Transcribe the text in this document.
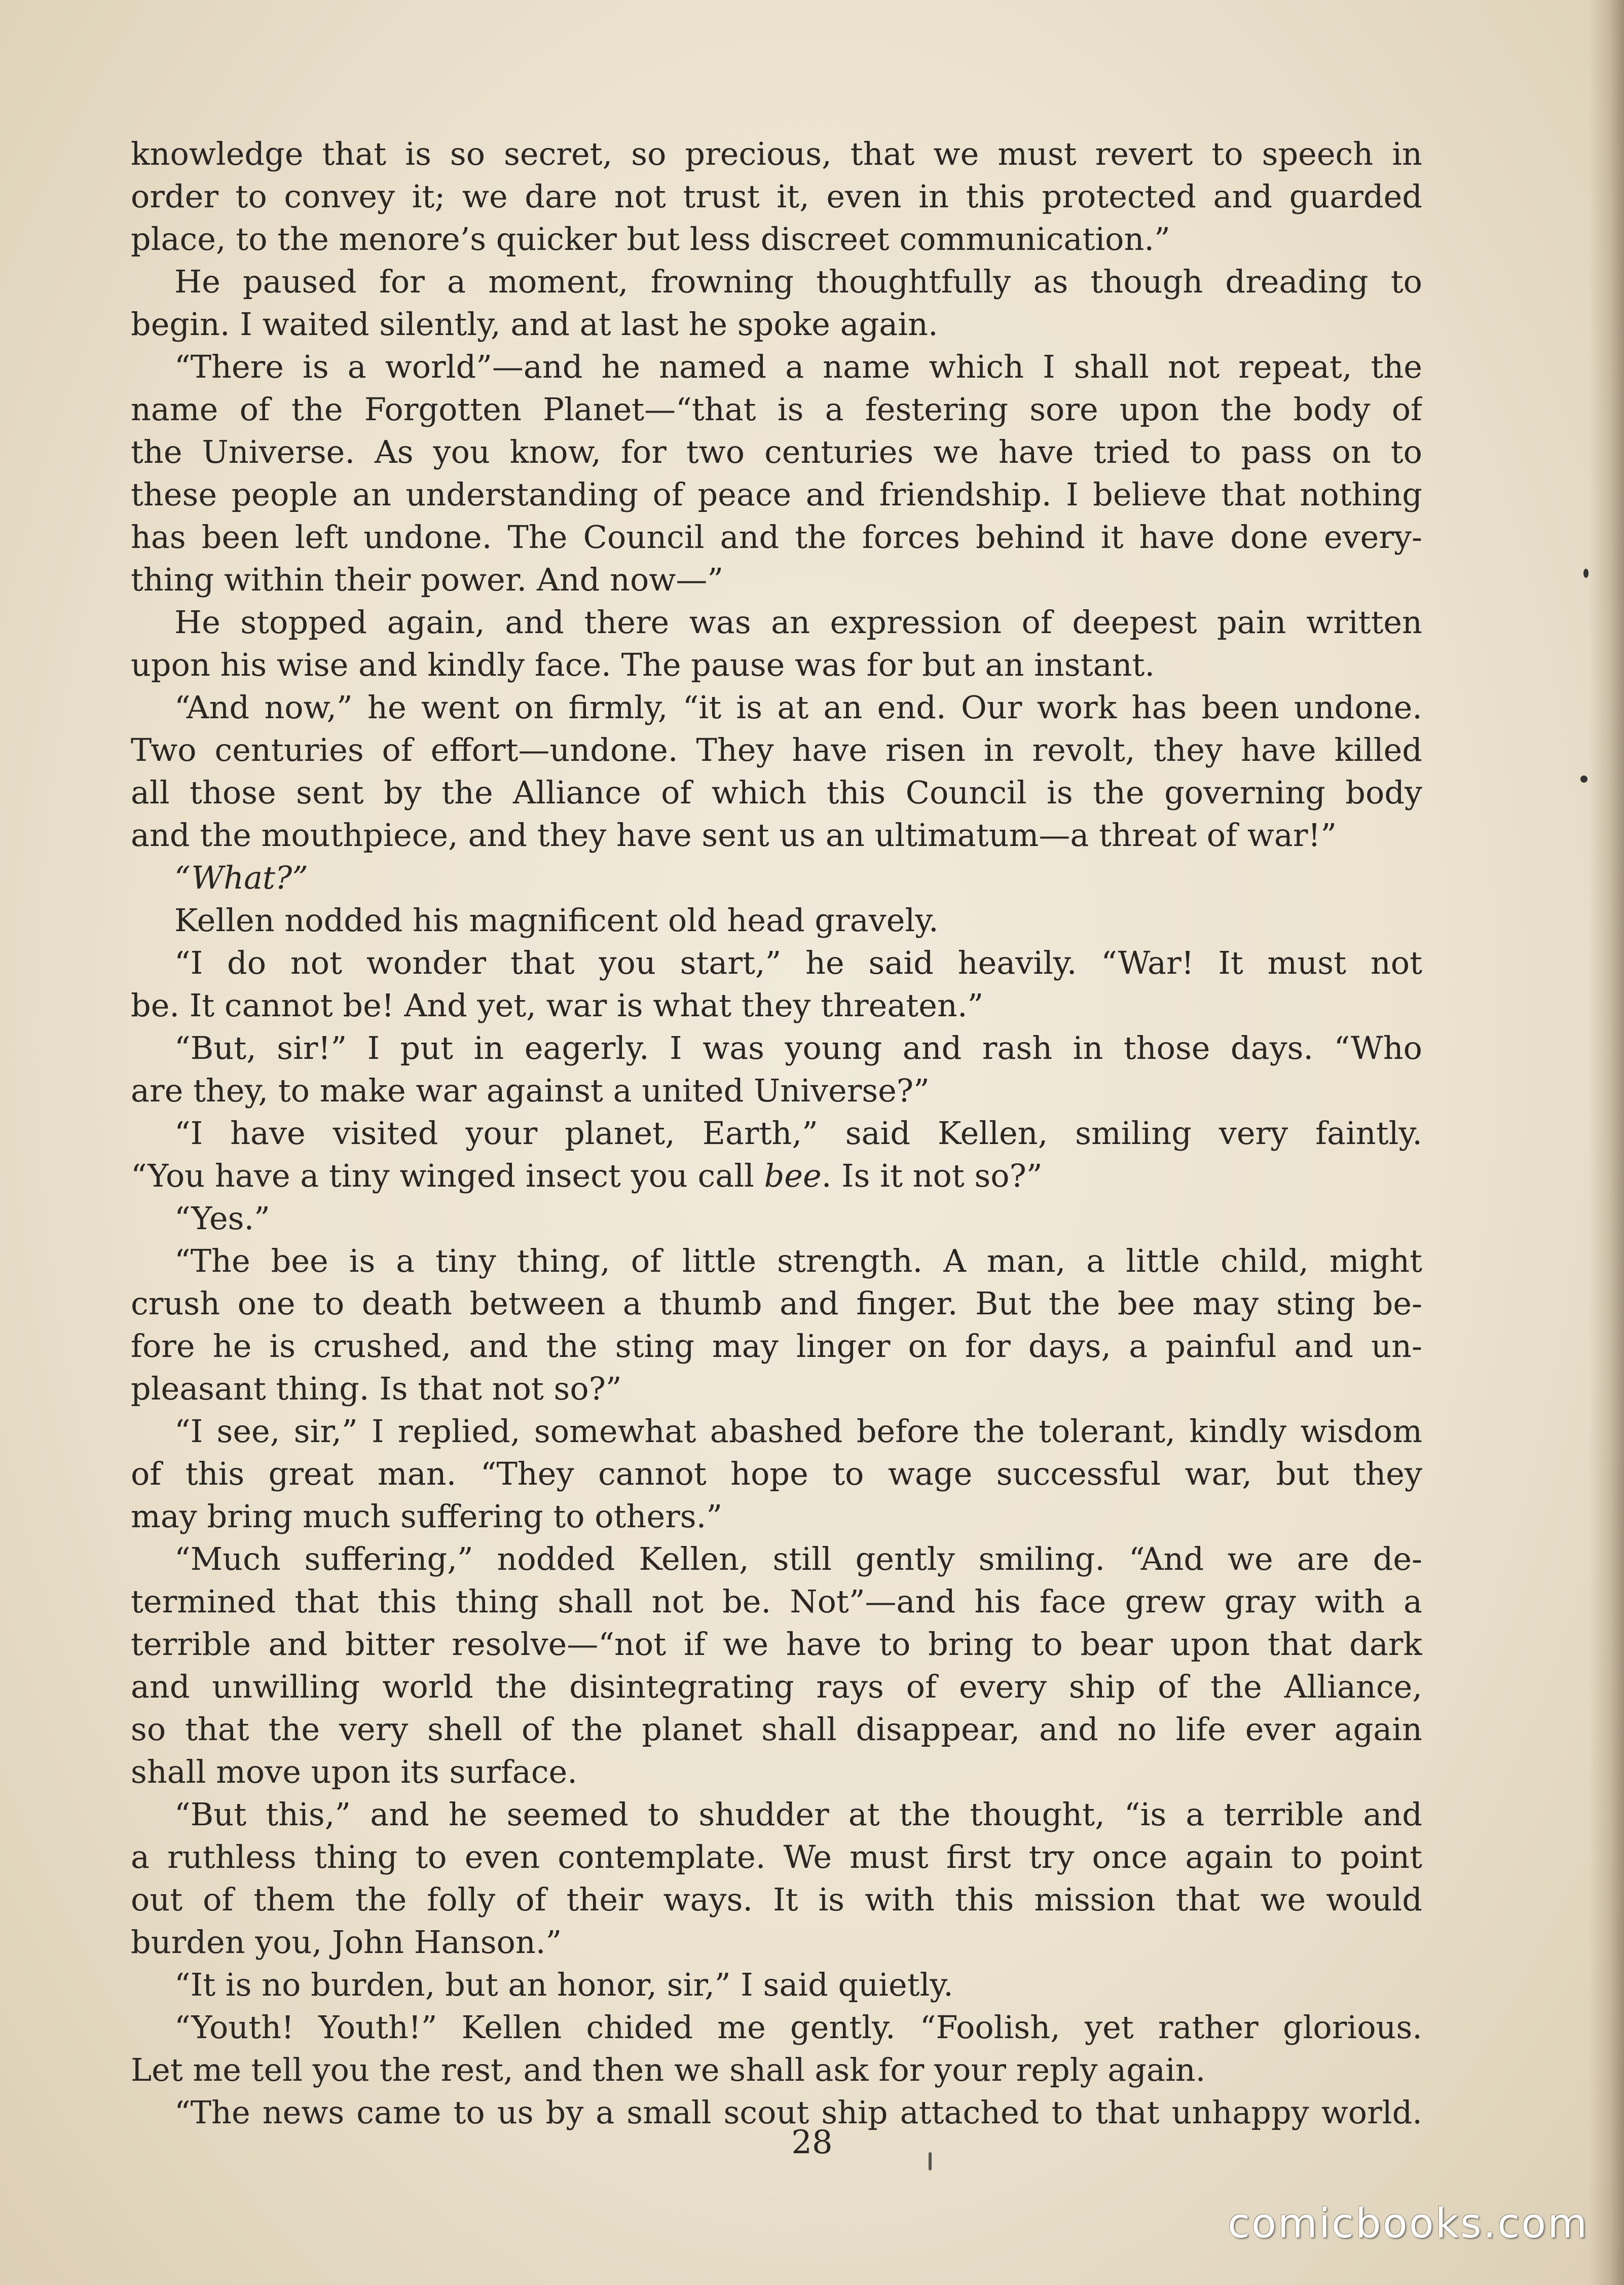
knowledge that is so secret, so precious, that we must revert to speech in
order to convey it; we dare not trust it, even in this protected and guarded
place, to the menore’s quicker but less discreet communication.”
He paused for a moment, frowning thoughtfully as though dreading to
begin. I waited silently, and at last he spoke again.
“There is a world”—and he named a name which I shall not repeat, the
name of the Forgotten Planet—“that is a festering sore upon the body of
the Universe. As you know, for two centuries we have tried to pass on to
these people an understanding of peace and friendship. I believe that nothing
has been left undone. The Council and the forces behind it have done every-
thing within their power. And now—”
He stopped again, and there was an expression of deepest pain written
upon his wise and kindly face. The pause was for but an instant.
“And now,” he went on firmly, “it is at an end. Our work has been undone.
Two centuries of effort—undone. They have risen in revolt, they have killed
all those sent by the Alliance of which this Council is the governing body
and the mouthpiece, and they have sent us an ultimatum—a threat of war!”
“What?”
Kellen nodded his magnificent old head gravely.
“I do not wonder that you start,” he said heavily. “War! It must not
be. It cannot be! And yet, war is what they threaten.”
“But, sir!” I put in eagerly. I was young and rash in those days. “Who
are they, to make war against a united Universe?”
“I have visited your planet, Earth,” said Kellen, smiling very faintly.
“You have a tiny winged insect you call bee. Is it not so?”
“Yes.”
“The bee is a tiny thing, of little strength. A man, a little child, might
crush one to death between a thumb and finger. But the bee may sting be-
fore he is crushed, and the sting may linger on for days, a painful and un-
pleasant thing. Is that not so?”
“I see, sir,” I replied, somewhat abashed before the tolerant, kindly wisdom
of this great man. “They cannot hope to wage successful war, but they
may bring much suffering to others.”
“Much suffering,” nodded Kellen, still gently smiling. “And we are de-
termined that this thing shall not be. Not”—and his face grew gray with a
terrible and bitter resolve—“not if we have to bring to bear upon that dark
and unwilling world the disintegrating rays of every ship of the Alliance,
so that the very shell of the planet shall disappear, and no life ever again
shall move upon its surface.
“But this,” and he seemed to shudder at the thought, “is a terrible and
a ruthless thing to even contemplate. We must first try once again to point
out of them the folly of their ways. It is with this mission that we would
burden you, John Hanson.”
“It is no burden, but an honor, sir,” I said quietly.
“Youth! Youth!” Kellen chided me gently. “Foolish, yet rather glorious.
Let me tell you the rest, and then we shall ask for your reply again.
“The news came to us by a small scout ship attached to that unhappy world.
28
comicbooks.com
